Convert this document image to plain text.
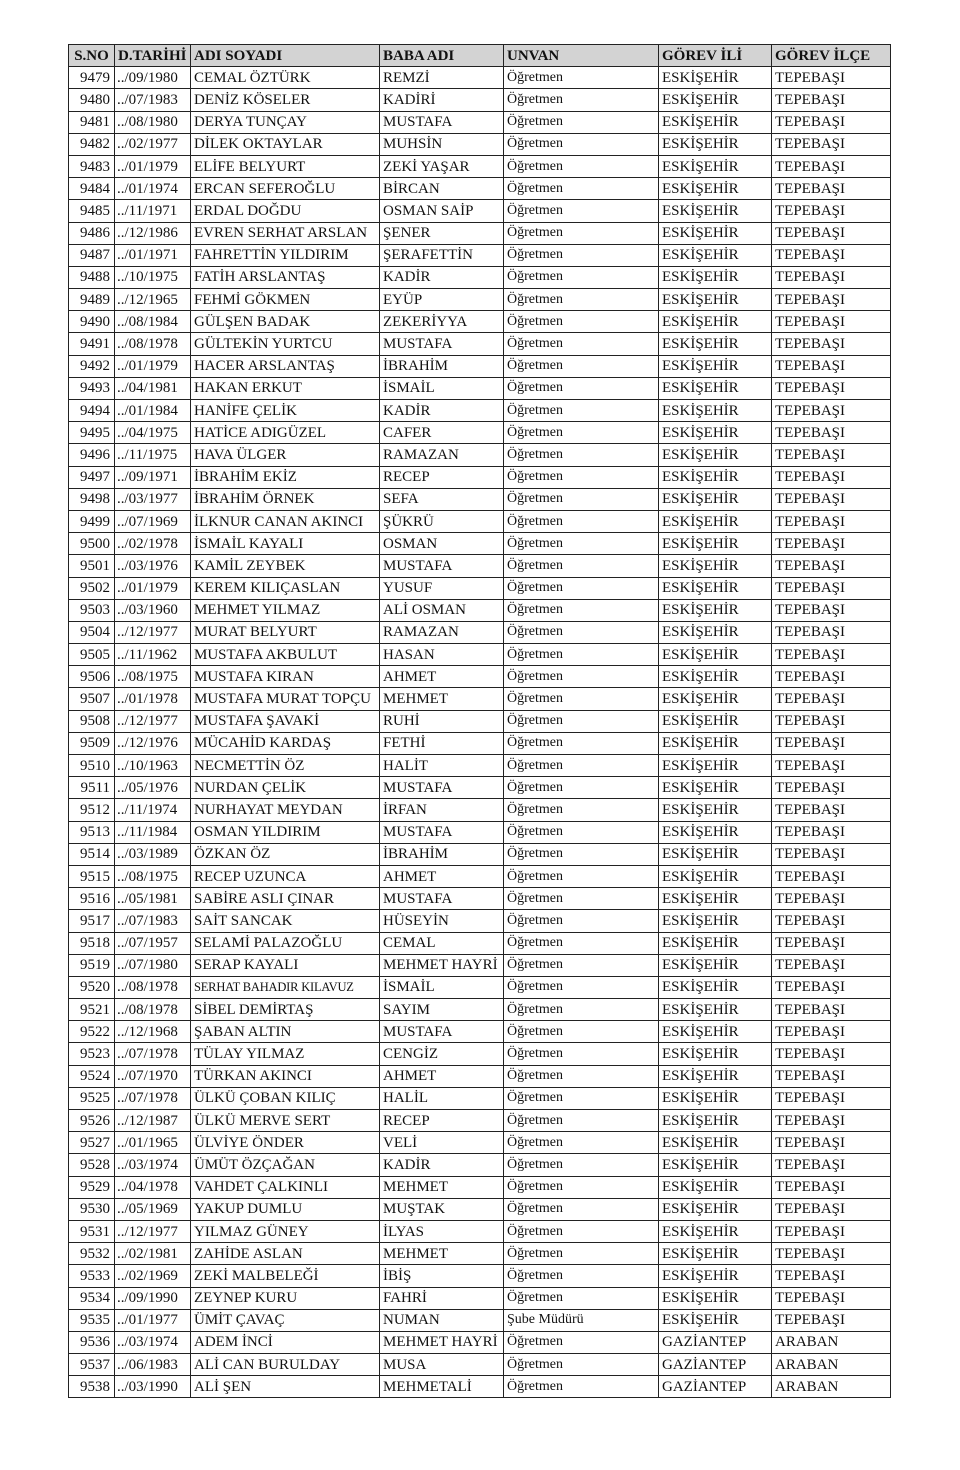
S.NO	D.TARİHİ	ADI SOYADI	BABA ADI	UNVAN	GÖREV İLİ	GÖREV İLÇE
9479	../09/1980	CEMAL ÖZTÜRK	REMZİ	Öğretmen	ESKİŞEHİR	TEPEBAŞI
9480	../07/1983	DENİZ KÖSELER	KADİRİ	Öğretmen	ESKİŞEHİR	TEPEBAŞI
9481	../08/1980	DERYA TUNÇAY	MUSTAFA	Öğretmen	ESKİŞEHİR	TEPEBAŞI
9482	../02/1977	DİLEK OKTAYLAR	MUHSİN	Öğretmen	ESKİŞEHİR	TEPEBAŞI
9483	../01/1979	ELİFE BELYURT	ZEKİ YAŞAR	Öğretmen	ESKİŞEHİR	TEPEBAŞI
9484	../01/1974	ERCAN SEFEROĞLU	BİRCAN	Öğretmen	ESKİŞEHİR	TEPEBAŞI
9485	../11/1971	ERDAL DOĞDU	OSMAN SAİP	Öğretmen	ESKİŞEHİR	TEPEBAŞI
9486	../12/1986	EVREN SERHAT ARSLAN	ŞENER	Öğretmen	ESKİŞEHİR	TEPEBAŞI
9487	../01/1971	FAHRETTİN YILDIRIM	ŞERAFETTİN	Öğretmen	ESKİŞEHİR	TEPEBAŞI
9488	../10/1975	FATİH ARSLANTAŞ	KADİR	Öğretmen	ESKİŞEHİR	TEPEBAŞI
9489	../12/1965	FEHMİ GÖKMEN	EYÜP	Öğretmen	ESKİŞEHİR	TEPEBAŞI
9490	../08/1984	GÜLŞEN BADAK	ZEKERİYYA	Öğretmen	ESKİŞEHİR	TEPEBAŞI
9491	../08/1978	GÜLTEKİN YURTCU	MUSTAFA	Öğretmen	ESKİŞEHİR	TEPEBAŞI
9492	../01/1979	HACER ARSLANTAŞ	İBRAHİM	Öğretmen	ESKİŞEHİR	TEPEBAŞI
9493	../04/1981	HAKAN ERKUT	İSMAİL	Öğretmen	ESKİŞEHİR	TEPEBAŞI
9494	../01/1984	HANİFE ÇELİK	KADİR	Öğretmen	ESKİŞEHİR	TEPEBAŞI
9495	../04/1975	HATİCE ADIGÜZEL	CAFER	Öğretmen	ESKİŞEHİR	TEPEBAŞI
9496	../11/1975	HAVA ÜLGER	RAMAZAN	Öğretmen	ESKİŞEHİR	TEPEBAŞI
9497	../09/1971	İBRAHİM EKİZ	RECEP	Öğretmen	ESKİŞEHİR	TEPEBAŞI
9498	../03/1977	İBRAHİM ÖRNEK	SEFA	Öğretmen	ESKİŞEHİR	TEPEBAŞI
9499	../07/1969	İLKNUR CANAN AKINCI	ŞÜKRÜ	Öğretmen	ESKİŞEHİR	TEPEBAŞI
9500	../02/1978	İSMAİL KAYALI	OSMAN	Öğretmen	ESKİŞEHİR	TEPEBAŞI
9501	../03/1976	KAMİL ZEYBEK	MUSTAFA	Öğretmen	ESKİŞEHİR	TEPEBAŞI
9502	../01/1979	KEREM KILIÇASLAN	YUSUF	Öğretmen	ESKİŞEHİR	TEPEBAŞI
9503	../03/1960	MEHMET YILMAZ	ALİ OSMAN	Öğretmen	ESKİŞEHİR	TEPEBAŞI
9504	../12/1977	MURAT BELYURT	RAMAZAN	Öğretmen	ESKİŞEHİR	TEPEBAŞI
9505	../11/1962	MUSTAFA AKBULUT	HASAN	Öğretmen	ESKİŞEHİR	TEPEBAŞI
9506	../08/1975	MUSTAFA KIRAN	AHMET	Öğretmen	ESKİŞEHİR	TEPEBAŞI
9507	../01/1978	MUSTAFA MURAT TOPÇU	MEHMET	Öğretmen	ESKİŞEHİR	TEPEBAŞI
9508	../12/1977	MUSTAFA ŞAVAKİ	RUHİ	Öğretmen	ESKİŞEHİR	TEPEBAŞI
9509	../12/1976	MÜCAHİD KARDAŞ	FETHİ	Öğretmen	ESKİŞEHİR	TEPEBAŞI
9510	../10/1963	NECMETTİN ÖZ	HALİT	Öğretmen	ESKİŞEHİR	TEPEBAŞI
9511	../05/1976	NURDAN ÇELİK	MUSTAFA	Öğretmen	ESKİŞEHİR	TEPEBAŞI
9512	../11/1974	NURHAYAT MEYDAN	İRFAN	Öğretmen	ESKİŞEHİR	TEPEBAŞI
9513	../11/1984	OSMAN YILDIRIM	MUSTAFA	Öğretmen	ESKİŞEHİR	TEPEBAŞI
9514	../03/1989	ÖZKAN ÖZ	İBRAHİM	Öğretmen	ESKİŞEHİR	TEPEBAŞI
9515	../08/1975	RECEP UZUNCA	AHMET	Öğretmen	ESKİŞEHİR	TEPEBAŞI
9516	../05/1981	SABİRE ASLI ÇINAR	MUSTAFA	Öğretmen	ESKİŞEHİR	TEPEBAŞI
9517	../07/1983	SAİT SANCAK	HÜSEYİN	Öğretmen	ESKİŞEHİR	TEPEBAŞI
9518	../07/1957	SELAMİ PALAZOĞLU	CEMAL	Öğretmen	ESKİŞEHİR	TEPEBAŞI
9519	../07/1980	SERAP KAYALI	MEHMET HAYRİ	Öğretmen	ESKİŞEHİR	TEPEBAŞI
9520	../08/1978	SERHAT BAHADIR KILAVUZ	İSMAİL	Öğretmen	ESKİŞEHİR	TEPEBAŞI
9521	../08/1978	SİBEL DEMİRTAŞ	SAYIM	Öğretmen	ESKİŞEHİR	TEPEBAŞI
9522	../12/1968	ŞABAN ALTIN	MUSTAFA	Öğretmen	ESKİŞEHİR	TEPEBAŞI
9523	../07/1978	TÜLAY YILMAZ	CENGİZ	Öğretmen	ESKİŞEHİR	TEPEBAŞI
9524	../07/1970	TÜRKAN AKINCI	AHMET	Öğretmen	ESKİŞEHİR	TEPEBAŞI
9525	../07/1978	ÜLKÜ ÇOBAN KILIÇ	HALİL	Öğretmen	ESKİŞEHİR	TEPEBAŞI
9526	../12/1987	ÜLKÜ MERVE SERT	RECEP	Öğretmen	ESKİŞEHİR	TEPEBAŞI
9527	../01/1965	ÜLVİYE ÖNDER	VELİ	Öğretmen	ESKİŞEHİR	TEPEBAŞI
9528	../03/1974	ÜMÜT ÖZÇAĞAN	KADİR	Öğretmen	ESKİŞEHİR	TEPEBAŞI
9529	../04/1978	VAHDET ÇALKINLI	MEHMET	Öğretmen	ESKİŞEHİR	TEPEBAŞI
9530	../05/1969	YAKUP DUMLU	MUŞTAK	Öğretmen	ESKİŞEHİR	TEPEBAŞI
9531	../12/1977	YILMAZ GÜNEY	İLYAS	Öğretmen	ESKİŞEHİR	TEPEBAŞI
9532	../02/1981	ZAHİDE ASLAN	MEHMET	Öğretmen	ESKİŞEHİR	TEPEBAŞI
9533	../02/1969	ZEKİ MALBELEĞİ	İBİŞ	Öğretmen	ESKİŞEHİR	TEPEBAŞI
9534	../09/1990	ZEYNEP KURU	FAHRİ	Öğretmen	ESKİŞEHİR	TEPEBAŞI
9535	../01/1977	ÜMİT ÇAVAÇ	NUMAN	Şube Müdürü	ESKİŞEHİR	TEPEBAŞI
9536	../03/1974	ADEM İNCİ	MEHMET HAYRİ	Öğretmen	GAZİANTEP	ARABAN
9537	../06/1983	ALİ CAN BURULDAY	MUSA	Öğretmen	GAZİANTEP	ARABAN
9538	../03/1990	ALİ ŞEN	MEHMETALİ	Öğretmen	GAZİANTEP	ARABAN
